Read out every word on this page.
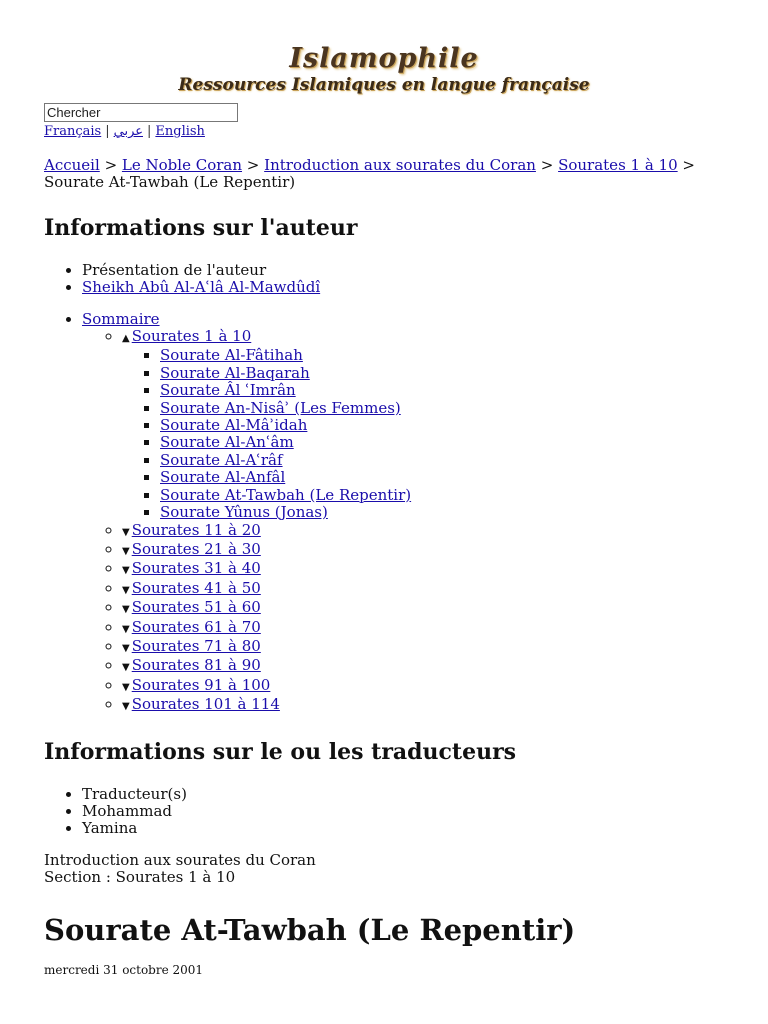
Islamophile
Ressources Islamiques en langue française
Chercher
Français | عربي | English
Accueil > Le Noble Coran > Introduction aux sourates du Coran > Sourates 1 à 10 > Sourate At-Tawbah (Le Repentir)
Informations sur l'auteur
• Présentation de l'auteur
• Sheikh Abû Al-Aʿlâ Al-Mawdûdî
• Sommaire
◦ ▲ Sourates 1 à 10
▪ Sourate Al-Fâtihah
▪ Sourate Al-Baqarah
▪ Sourate Âl ʿImrân
▪ Sourate An-Nisâʾ (Les Femmes)
▪ Sourate Al-Mâʾidah
▪ Sourate Al-Anʿâm
▪ Sourate Al-Aʿrâf
▪ Sourate Al-Anfâl
▪ Sourate At-Tawbah (Le Repentir)
▪ Sourate Yûnus (Jonas)
◦ ▼ Sourates 11 à 20
◦ ▼ Sourates 21 à 30
◦ ▼ Sourates 31 à 40
◦ ▼ Sourates 41 à 50
◦ ▼ Sourates 51 à 60
◦ ▼ Sourates 61 à 70
◦ ▼ Sourates 71 à 80
◦ ▼ Sourates 81 à 90
◦ ▼ Sourates 91 à 100
◦ ▼ Sourates 101 à 114
Informations sur le ou les traducteurs
• Traducteur(s)
• Mohammad
• Yamina
Introduction aux sourates du Coran
Section : Sourates 1 à 10
Sourate At-Tawbah (Le Repentir)
mercredi 31 octobre 2001
